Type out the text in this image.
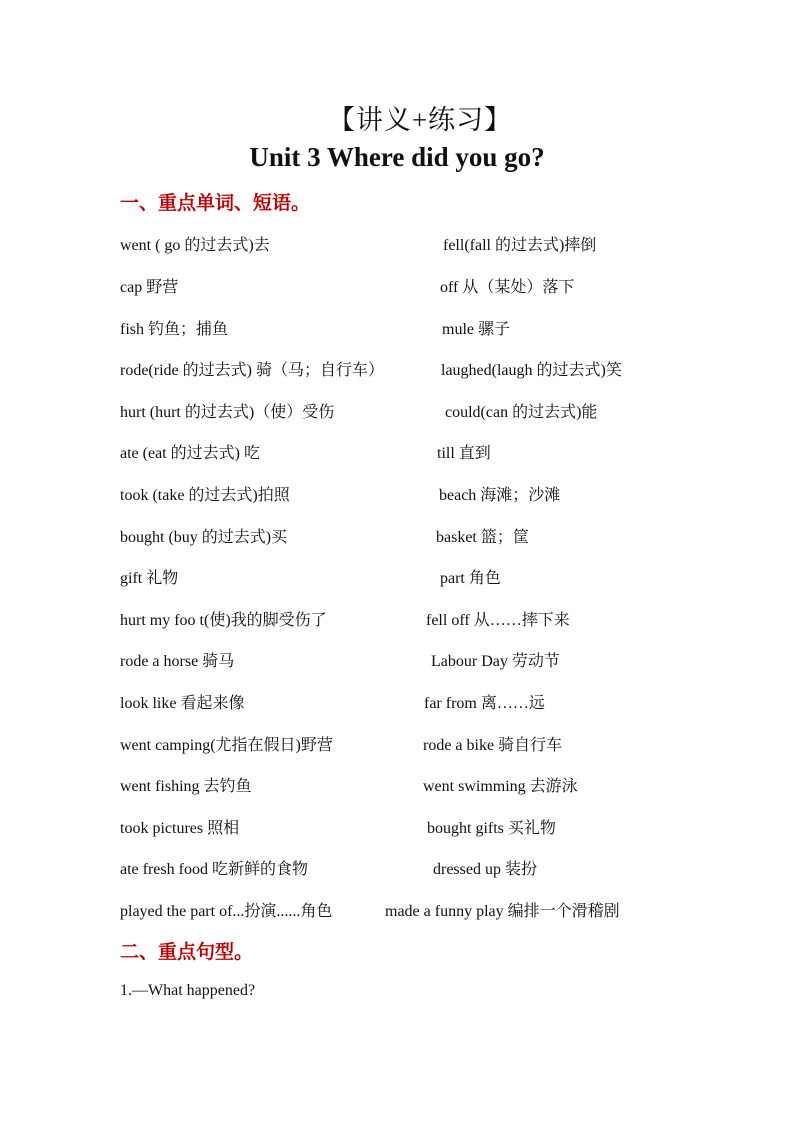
【讲义+练习】
Unit 3 Where did you go?
一、重点单词、短语。
went ( go 的过去式)去	fell(fall 的过去式)摔倒
cap 野营	off 从（某处）落下
fish 钓鱼；捕鱼	mule 骡子
rode(ride 的过去式) 骑（马；自行车）	laughed(laugh 的过去式)笑
hurt (hurt 的过去式)（使）受伤	could(can 的过去式)能
ate (eat 的过去式) 吃	till 直到
took (take 的过去式)拍照	beach 海滩；沙滩
bought (buy 的过去式)买	basket 篮；筐
gift 礼物	part 角色
hurt my foo t(使)我的脚受伤了	fell off 从……摔下来
rode a horse 骑马	Labour Day 劳动节
look like 看起来像	far from 离……远
went camping(尤指在假日)野营	rode a bike 骑自行车
went fishing 去钓鱼	went swimming 去游泳
took pictures 照相	bought gifts 买礼物
ate fresh food 吃新鲜的食物	dressed up 装扮
played the part of...扮演......角色	made a funny play 编排一个滑稽剧
二、重点句型。
1.—What happened?
